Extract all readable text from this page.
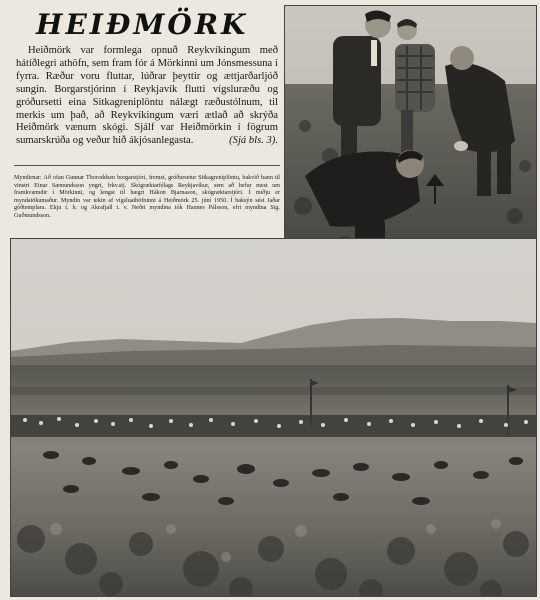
HEIÐMÖRK

Heiðmörk var formlega opnuð Reykvíkingum með hátíðlegri athöfn, sem fram fór á Mörkinni um Jónsmessuna í fyrra. Ræður voru fluttar, lúðrar þeyttir og ættjarðarljóð sungin. Borgarstjórinn í Reykjavík flutti vígsluræðu og gróðursetti eina Sitkagreniplöntu nálægt ræðustólnum, til merkis um það, að Reykvíkingum væri ætlað að skrýða Heiðmörk vænum skógi. Sjálf var Heiðmörkin í fögrum sumarskrúða og veður hið ákjósanlegasta.	(Sjá bls. 3).

Myndirnar: Að ofan Gunnar Thoroddsen borgarstjóri, fremst, gróðursetur Sitkagreniplöntu, bakvið hann til vinstri Einar Sæmundsson yngri, frkv.stj. Skógræktarfélags Reykjavíkur, sem að hefur mest um framkvæmdir í Mörkinni, og lengst til hægri Hákon Bjarnason, skógræktarstjóri. Í miðju er myndatökumaður. Myndin var tekin af vígsluathöfninni á Heiðmörk 25. júní 1950. Í baksýn sést Jaðar góðtemplara. Ekju t. h. og Akrafjall t. v. Neðri myndina tók Hannes Pálsson, efri myndina Sig. Guðmundsson.
